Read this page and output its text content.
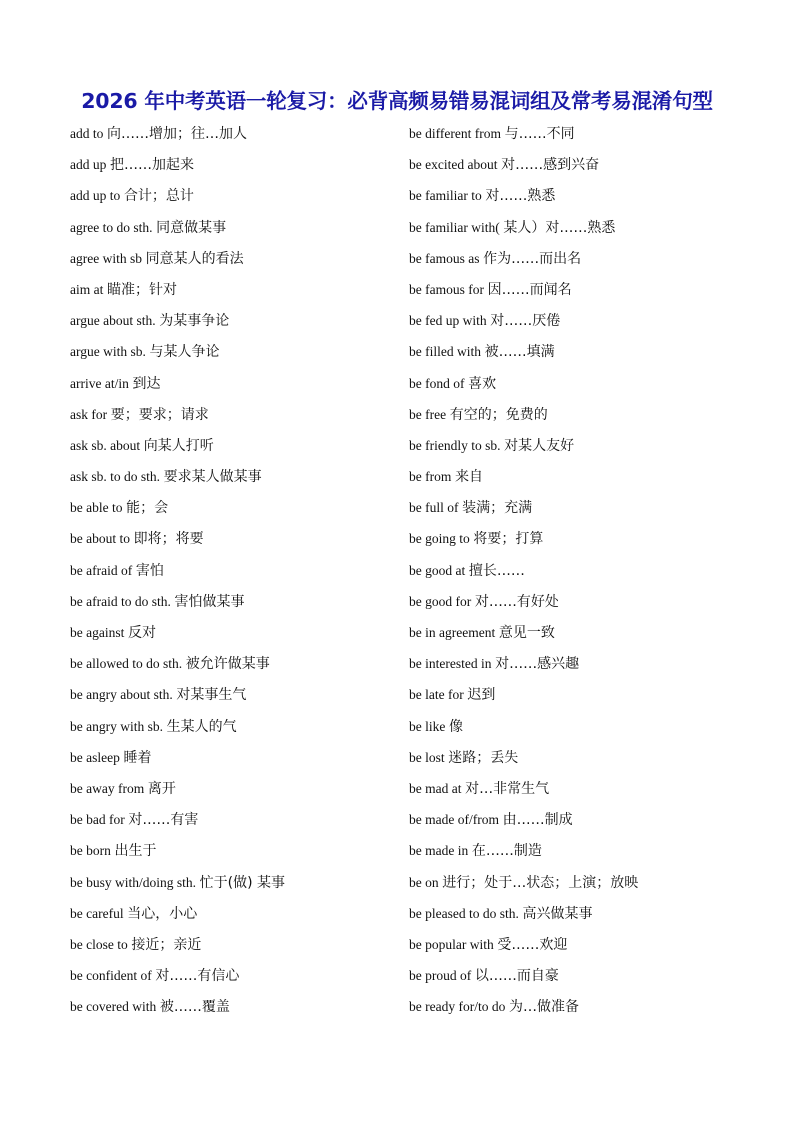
2026 年中考英语一轮复习：必背高频易错易混词组及常考易混淆句型
add to 向……增加；往…加人
add up 把……加起来
add up to 合计；总计
agree to do sth. 同意做某事
agree with sb 同意某人的看法
aim at 瞄准；针对
argue about sth. 为某事争论
argue with sb. 与某人争论
arrive at/in 到达
ask for 要；要求；请求
ask sb. about 向某人打听
ask sb. to do sth. 要求某人做某事
be able to 能；会
be about to 即将；将要
be afraid of 害怕
be afraid to do sth. 害怕做某事
be against 反对
be allowed to do sth. 被允许做某事
be angry about sth. 对某事生气
be angry with sb. 生某人的气
be asleep 睡着
be away from 离开
be bad for 对……有害
be born 出生于
be busy with/doing sth. 忙于(做) 某事
be careful 当心，小心
be close to 接近；亲近
be confident of 对……有信心
be covered with 被……覆盖
be different from 与……不同
be excited about 对……感到兴奋
be familiar to 对……熟悉
be familiar with( 某人）对……熟悉
be famous as 作为……而出名
be famous for 因……而闻名
be fed up with 对……厌倦
be filled with 被……填满
be fond of 喜欢
be free 有空的；免费的
be friendly to sb. 对某人友好
be from 来自
be full of 装满；充满
be going to 将要；打算
be good at 擅长……
be good for 对……有好处
be in agreement 意见一致
be interested in 对……感兴趣
be late for 迟到
be like 像
be lost 迷路；丢失
be mad at 对…非常生气
be made of/from 由……制成
be made in 在……制造
be on 进行；处于…状态；上演；放映
be pleased to do sth. 高兴做某事
be popular with 受……欢迎
be proud of 以……而自豪
be ready for/to do 为…做准备
